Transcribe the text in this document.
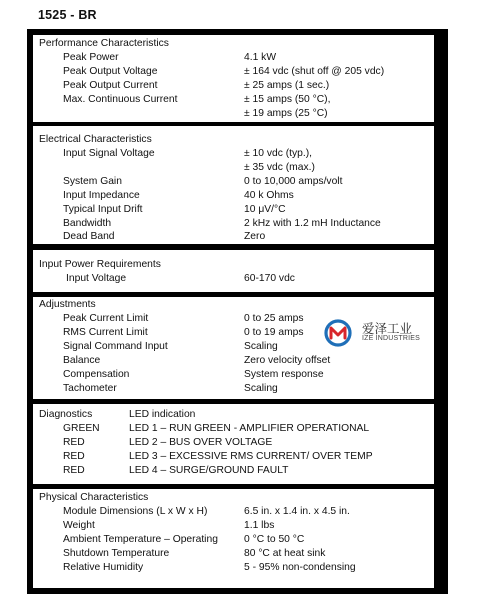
1525 - BR
Performance Characteristics
Peak Power	4.1 kW
Peak Output Voltage	± 164 vdc (shut off @ 205 vdc)
Peak Output Current	± 25 amps (1 sec.)
Max. Continuous Current	± 15 amps (50 °C),
± 19 amps (25 °C)
Electrical Characteristics
Input Signal Voltage	± 10 vdc (typ.),
± 35 vdc (max.)
System Gain	0 to 10,000 amps/volt
Input Impedance	40 k Ohms
Typical Input Drift	10 μV/°C
Bandwidth	2 kHz with 1.2 mH Inductance
Dead Band	Zero
Input Power Requirements
Input Voltage	60-170 vdc
Adjustments
Peak Current Limit	0 to 25 amps
RMS Current Limit	0 to 19 amps
Signal Command Input	Scaling
Balance	Zero velocity offset
Compensation	System response
Tachometer	Scaling
Diagnostics	LED indication
GREEN	LED 1 – RUN GREEN - AMPLIFIER OPERATIONAL
RED	LED 2 – BUS OVER VOLTAGE
RED	LED 3 – EXCESSIVE RMS CURRENT/ OVER TEMP
RED	LED 4 – SURGE/GROUND FAULT
Physical Characteristics
Module Dimensions (L x W x H)	6.5 in. x 1.4 in. x 4.5 in.
Weight	1.1 lbs
Ambient Temperature – Operating	0 °C to 50 °C
Shutdown Temperature	80 °C at heat sink
Relative Humidity	5 - 95% non-condensing
爱泽工业
IZE INDUSTRIES
